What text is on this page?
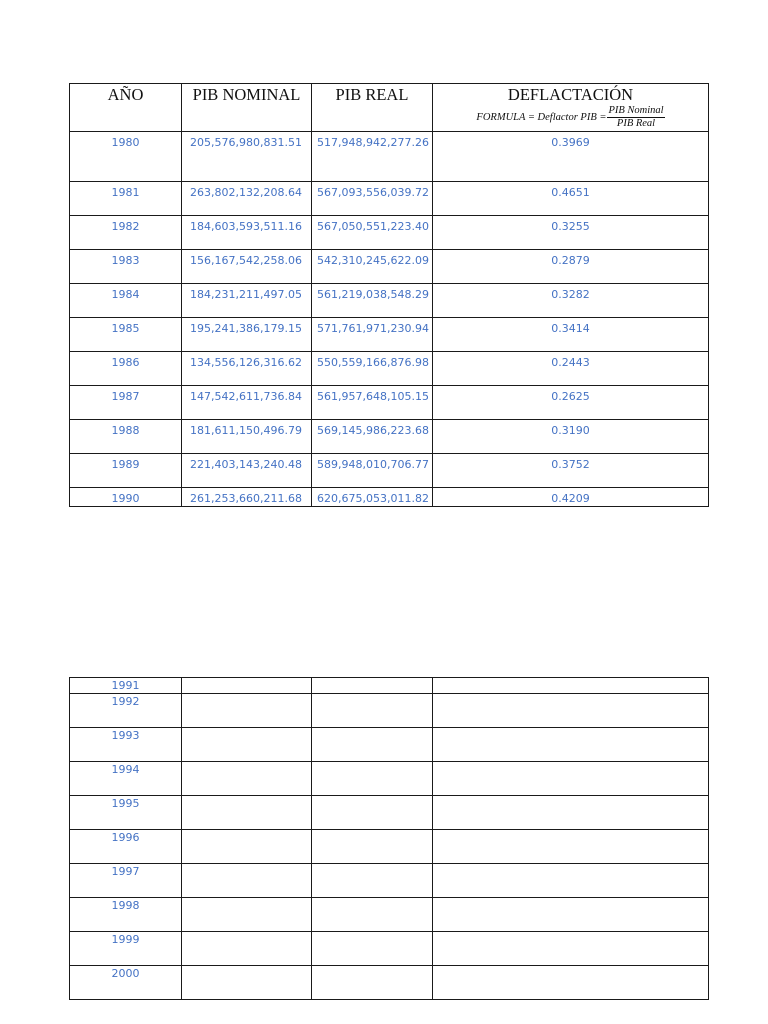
AÑO	PIB NOMINAL	PIB REAL	DEFLACTACIÓN
FORMULA = Deflactor PIB = $\frac{\text{PIB Nominal}}{\text{PIB Real}}$

1980	205,576,980,831.51	517,948,942,277.26	0.3969

1981	263,802,132,208.64	567,093,556,039.72	0.4651

1982	184,603,593,511.16	567,050,551,223.40	0.3255

1983	156,167,542,258.06	542,310,245,622.09	0.2879

1984	184,231,211,497.05	561,219,038,548.29	0.3282

1985	195,241,386,179.15	571,761,971,230.94	0.3414

1986	134,556,126,316.62	550,559,166,876.98	0.2443

1987	147,542,611,736.84	561,957,648,105.15	0.2625

1988	181,611,150,496.79	569,145,986,223.68	0.3190

1989	221,403,143,240.48	589,948,010,706.77	0.3752

1990	261,253,660,211.68	620,675,053,011.82	0.4209
1991			

1992			

1993			

1994			

1995			

1996			

1997			

1998			

1999			

2000			
